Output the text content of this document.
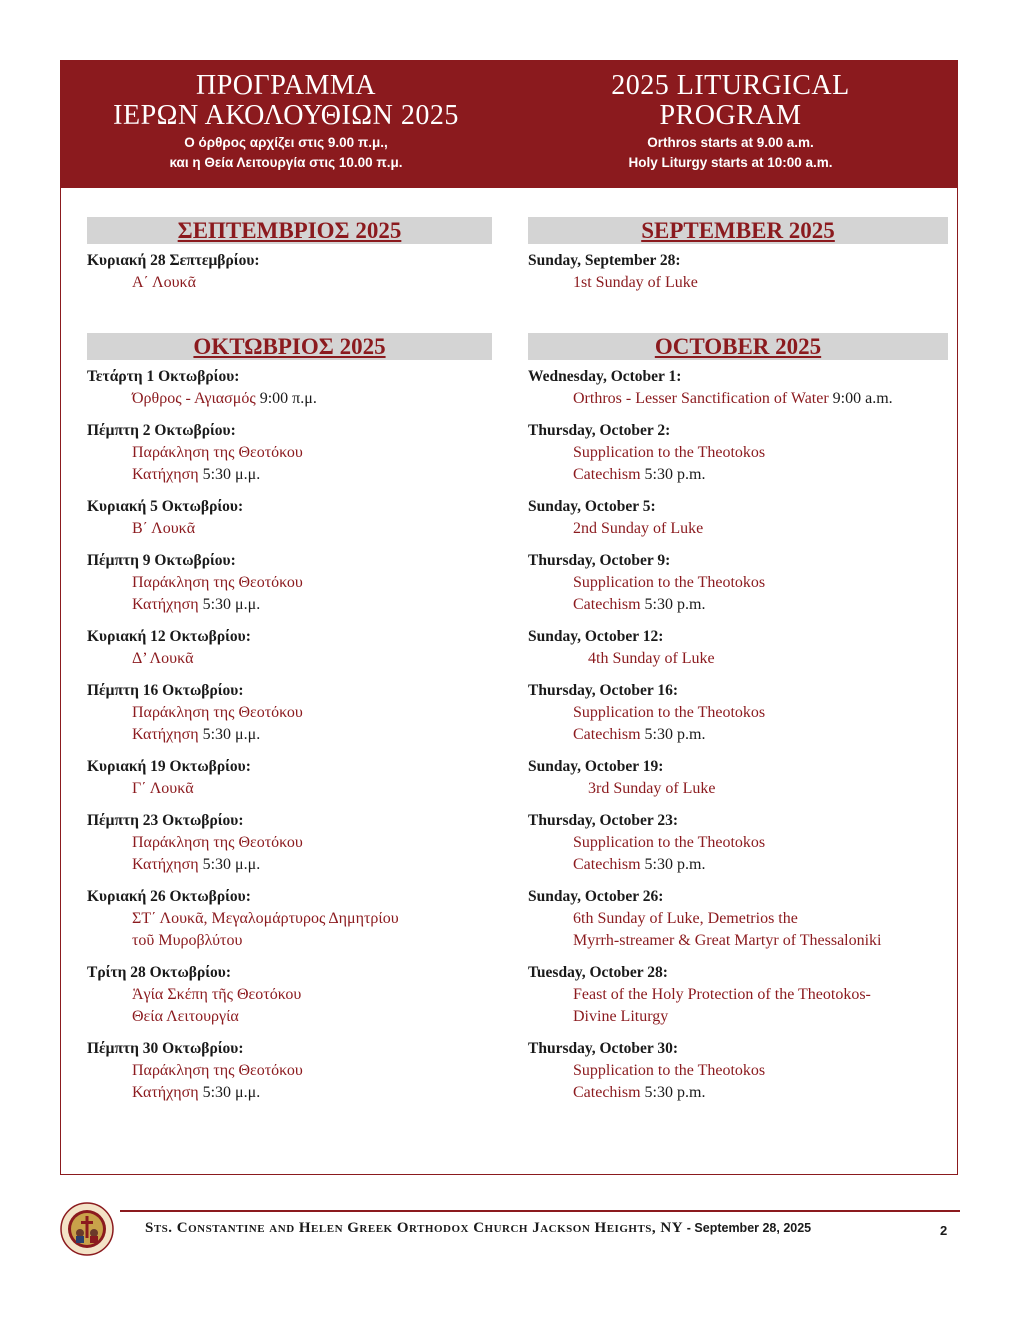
ΠΡΟΓΡΑΜΜΑ
ΙΕΡΩΝ ΑΚΟΛΟΥΘΙΩΝ 2025
Ο όρθρος αρχίζει στις 9.00 π.μ.,
και η Θεία Λειτουργία στις 10.00 π.μ.
2025 LITURGICAL
PROGRAM
Orthros starts at 9.00 a.m.
Holy Liturgy starts at 10:00 a.m.
ΣΕΠΤΕΜΒΡΙΟΣ 2025
Κυριακή 28 Σεπτεμβρίου:
Α΄ Λουκᾶ
ΟΚΤΩΒΡΙΟΣ 2025
Τετάρτη 1 Οκτωβρίου:
Όρθρος - Αγιασμός 9:00 π.μ.
Πέμπτη 2 Οκτωβρίου:
Παράκληση της Θεοτόκου
Κατήχηση 5:30 μ.μ.
Κυριακή 5 Οκτωβρίου:
Β΄ Λουκᾶ
Πέμπτη 9 Οκτωβρίου:
Παράκληση της Θεοτόκου
Κατήχηση 5:30 μ.μ.
Κυριακή 12 Οκτωβρίου:
Δ’ Λουκᾶ
Πέμπτη 16 Οκτωβρίου:
Παράκληση της Θεοτόκου
Κατήχηση 5:30 μ.μ.
Κυριακή 19 Οκτωβρίου:
Γ΄ Λουκᾶ
Πέμπτη 23 Οκτωβρίου:
Παράκληση της Θεοτόκου
Κατήχηση 5:30 μ.μ.
Κυριακή 26 Οκτωβρίου:
ΣΤ΄ Λουκᾶ, Μεγαλομάρτυρος Δημητρίου
τοῦ Μυροβλύτου
Τρίτη 28 Οκτωβρίου:
Ἁγία Σκέπη τῆς Θεοτόκου
Θεία Λειτουργία
Πέμπτη 30 Οκτωβρίου:
Παράκληση της Θεοτόκου
Κατήχηση 5:30 μ.μ.
SEPTEMBER 2025
Sunday, September 28:
1st Sunday of Luke
OCTOBER 2025
Wednesday, October 1:
Orthros - Lesser Sanctification of Water 9:00 a.m.
Thursday, October 2:
Supplication to the Theotokos
Catechism 5:30 p.m.
Sunday, October 5:
2nd Sunday of Luke
Thursday, October 9:
Supplication to the Theotokos
Catechism 5:30 p.m.
Sunday, October 12:
4th Sunday of Luke
Thursday, October 16:
Supplication to the Theotokos
Catechism 5:30 p.m.
Sunday, October 19:
3rd Sunday of Luke
Thursday, October 23:
Supplication to the Theotokos
Catechism 5:30 p.m.
Sunday, October 26:
6th Sunday of Luke, Demetrios the
Myrrh-streamer & Great Martyr of Thessaloniki
Tuesday, October 28:
Feast of the Holy Protection of the Theotokos-
Divine Liturgy
Thursday, October 30:
Supplication to the Theotokos
Catechism 5:30 p.m.
Sts. Constantine and Helen Greek Orthodox Church Jackson Heights, NY - September 28, 2025	2
